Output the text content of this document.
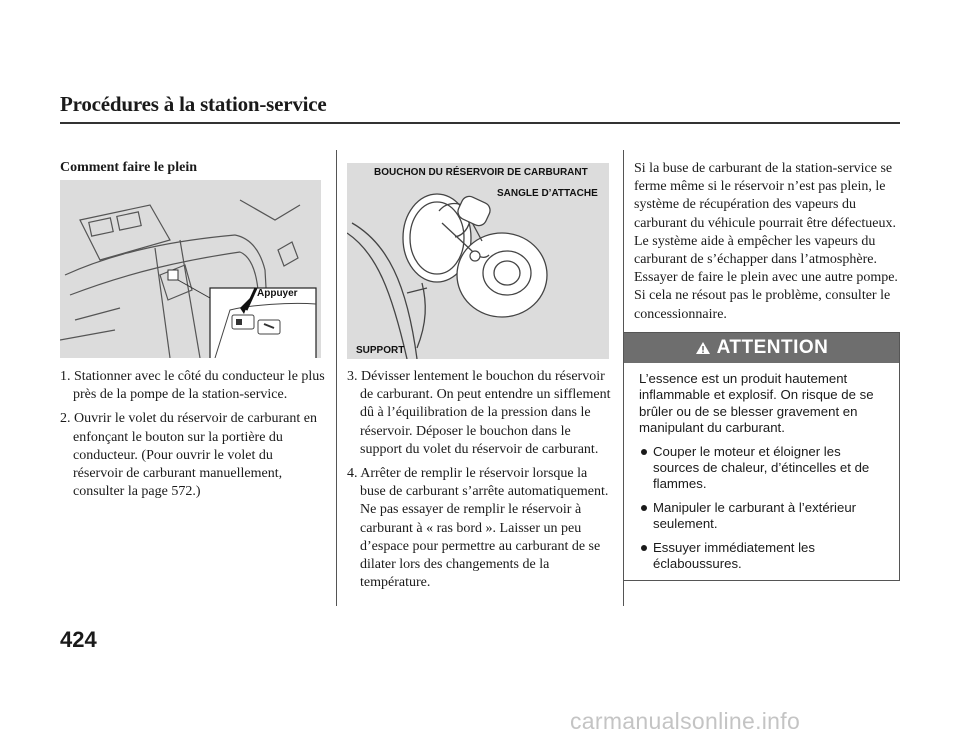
Procédures à la station-service
Comment faire le plein
Appuyer
1. Stationner avec le côté du conducteur le plus près de la pompe de la station-service.
2. Ouvrir le volet du réservoir de carburant en enfonçant le bouton sur la portière du conducteur. (Pour ouvrir le volet du réservoir de carburant manuellement, consulter la page 572.)
BOUCHON DU RÉSERVOIR DE CARBURANT
SANGLE D’ATTACHE
SUPPORT
3. Dévisser lentement le bouchon du réservoir de carburant. On peut entendre un sifflement dû à l’équilibration de la pression dans le réservoir. Déposer le bouchon dans le support du volet du réservoir de carburant.
4. Arrêter de remplir le réservoir lorsque la buse de carburant s’arrête automatiquement. Ne pas essayer de remplir le réservoir à carburant à « ras bord ». Laisser un peu d’espace pour permettre au carburant de se dilater lors des changements de la température.

Si la buse de carburant de la station-service se ferme même si le réservoir n’est pas plein, le système de récupération des vapeurs du carburant du véhicule pourrait être défectueux. Le système aide à empêcher les vapeurs du carburant de s’échapper dans l’atmosphère. Essayer de faire le plein avec une autre pompe. Si cela ne résout pas le problème, consulter le concessionnaire.

ATTENTION

L’essence est un produit hautement inflammable et explosif. On risque de se brûler ou de se blesser gravement en manipulant du carburant.

Couper le moteur et éloigner les sources de chaleur, d’étincelles et de flammes.
Manipuler le carburant à l’extérieur seulement.
Essuyer immédiatement les éclaboussures.

424

carmanualsonline.info
